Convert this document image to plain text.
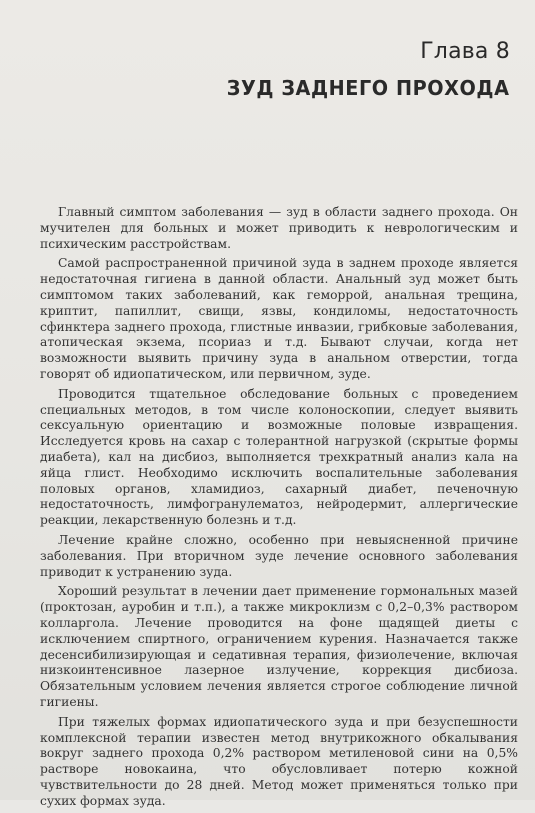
Глава 8
ЗУД ЗАДНЕГО ПРОХОДА

Главный симптом заболевания — зуд в области заднего прохода. Он мучителен для больных и может приводить к неврологическим и психическим расстройствам.

Самой распространенной причиной зуда в заднем проходе является недостаточная гигиена в данной области. Анальный зуд может быть симптомом таких заболеваний, как геморрой, анальная трещина, криптит, папиллит, свищи, язвы, кондиломы, недостаточность сфинктера заднего прохода, глистные инвазии, грибковые заболевания, атопическая экзема, псориаз и т.д. Бывают случаи, когда нет возможности выявить причину зуда в анальном отверстии, тогда говорят об идиопатическом, или первичном, зуде.

Проводится тщательное обследование больных с проведением специальных методов, в том числе колоноскопии, следует выявить сексуальную ориентацию и возможные половые извращения. Исследуется кровь на сахар с толерантной нагрузкой (скрытые формы диабета), кал на дисбиоз, выполняется трехкратный анализ кала на яйца глист. Необходимо исключить воспалительные заболевания половых органов, хламидиоз, сахарный диабет, печеночную недостаточность, лимфогранулематоз, нейродермит, аллергические реакции, лекарственную болезнь и т.д.

Лечение крайне сложно, особенно при невыясненной причине заболевания. При вторичном зуде лечение основного заболевания приводит к устранению зуда.

Хороший результат в лечении дает применение гормональных мазей (проктозан, ауробин и т.п.), а также микроклизм с 0,2–0,3% раствором колларгола. Лечение проводится на фоне щадящей диеты с исключением спиртного, ограничением курения. Назначается также десенсибилизирующая и седативная терапия, физиолечение, включая низкоинтенсивное лазерное излучение, коррекция дисбиоза. Обязательным условием лечения является строгое соблюдение личной гигиены.

При тяжелых формах идиопатического зуда и при безуспешности комплексной терапии известен метод внутрикожного обкалывания вокруг заднего прохода 0,2% раствором метиленовой сини на 0,5% растворе новокаина, что обусловливает потерю кожной чувствительности до 28 дней. Метод может применяться только при сухих формах зуда.
